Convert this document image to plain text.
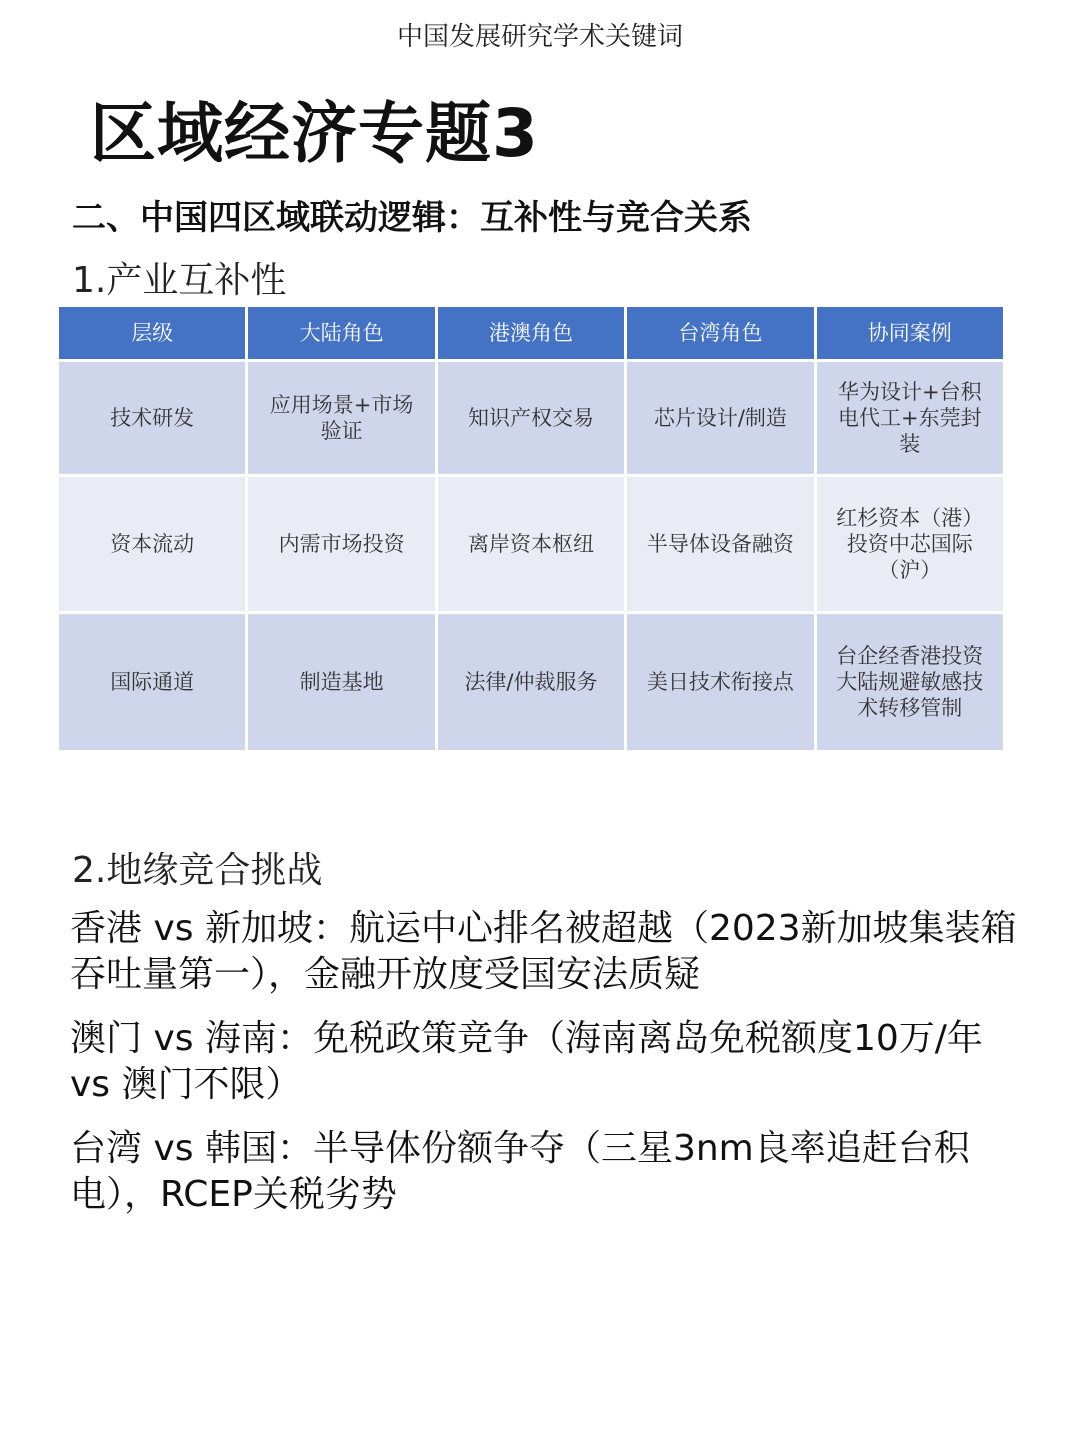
中国发展研究学术关键词
区域经济专题3
二、中国四区域联动逻辑：互补性与竞合关系
1.产业互补性
层级	大陆角色	港澳角色	台湾角色	协同案例
技术研发	应用场景+市场验证	知识产权交易	芯片设计/制造	华为设计+台积电代工+东莞封装
资本流动	内需市场投资	离岸资本枢纽	半导体设备融资	红杉资本（港）投资中芯国际（沪）
国际通道	制造基地	法律/仲裁服务	美日技术衔接点	台企经香港投资大陆规避敏感技术转移管制
2.地缘竞合挑战
香港 vs 新加坡：航运中心排名被超越（2023新加坡集装箱吞吐量第一），金融开放度受国安法质疑
澳门 vs 海南：免税政策竞争（海南离岛免税额度10万/年 vs 澳门不限）
台湾 vs 韩国：半导体份额争夺（三星3nm良率追赶台积电），RCEP关税劣势
